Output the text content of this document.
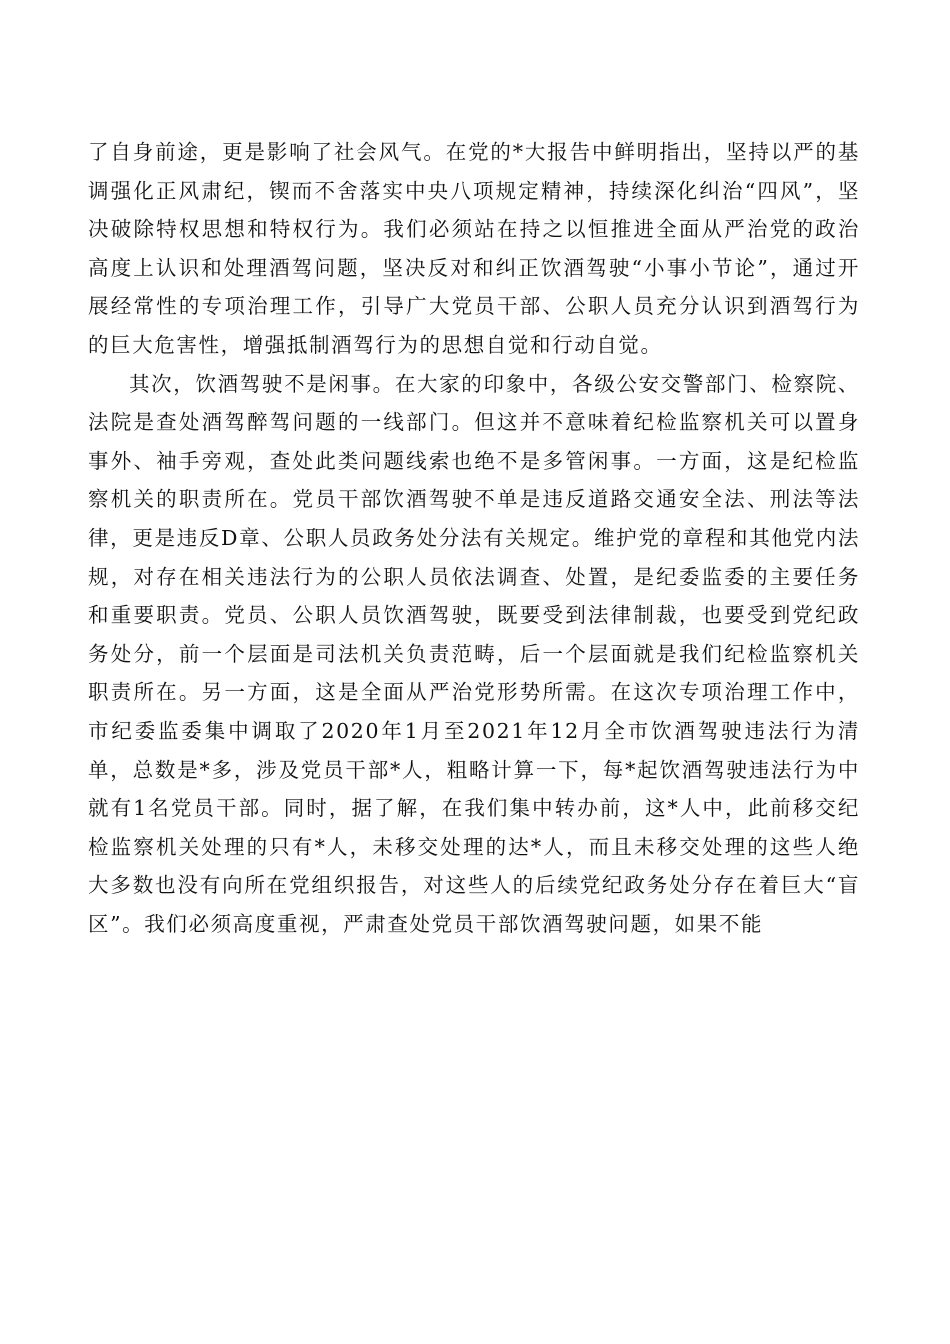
了自身前途，更是影响了社会风气。在党的*大报告中鲜明指出，坚持以严的基调强化正风肃纪，锲而不舍落实中央八项规定精神，持续深化纠治“四风”，坚决破除特权思想和特权行为。我们必须站在持之以恒推进全面从严治党的政治高度上认识和处理酒驾问题，坚决反对和纠正饮酒驾驶“小事小节论”，通过开展经常性的专项治理工作，引导广大党员干部、公职人员充分认识到酒驾行为的巨大危害性，增强抵制酒驾行为的思想自觉和行动自觉。

其次，饮酒驾驶不是闲事。在大家的印象中，各级公安交警部门、检察院、法院是查处酒驾醉驾问题的一线部门。但这并不意味着纪检监察机关可以置身事外、袖手旁观，查处此类问题线索也绝不是多管闲事。一方面，这是纪检监察机关的职责所在。党员干部饮酒驾驶不单是违反道路交通安全法、刑法等法律，更是违反D章、公职人员政务处分法有关规定。维护党的章程和其他党内法规，对存在相关违法行为的公职人员依法调查、处置，是纪委监委的主要任务和重要职责。党员、公职人员饮酒驾驶，既要受到法律制裁，也要受到党纪政务处分，前一个层面是司法机关负责范畴，后一个层面就是我们纪检监察机关职责所在。另一方面，这是全面从严治党形势所需。在这次专项治理工作中，市纪委监委集中调取了2020年1月至2021年12月全市饮酒驾驶违法行为清单，总数是*多，涉及党员干部*人，粗略计算一下，每*起饮酒驾驶违法行为中就有1名党员干部。同时，据了解，在我们集中转办前，这*人中，此前移交纪检监察机关处理的只有*人，未移交处理的达*人，而且未移交处理的这些人绝大多数也没有向所在党组织报告，对这些人的后续党纪政务处分存在着巨大“盲区”。我们必须高度重视，严肃查处党员干部饮酒驾驶问题，如果不能
